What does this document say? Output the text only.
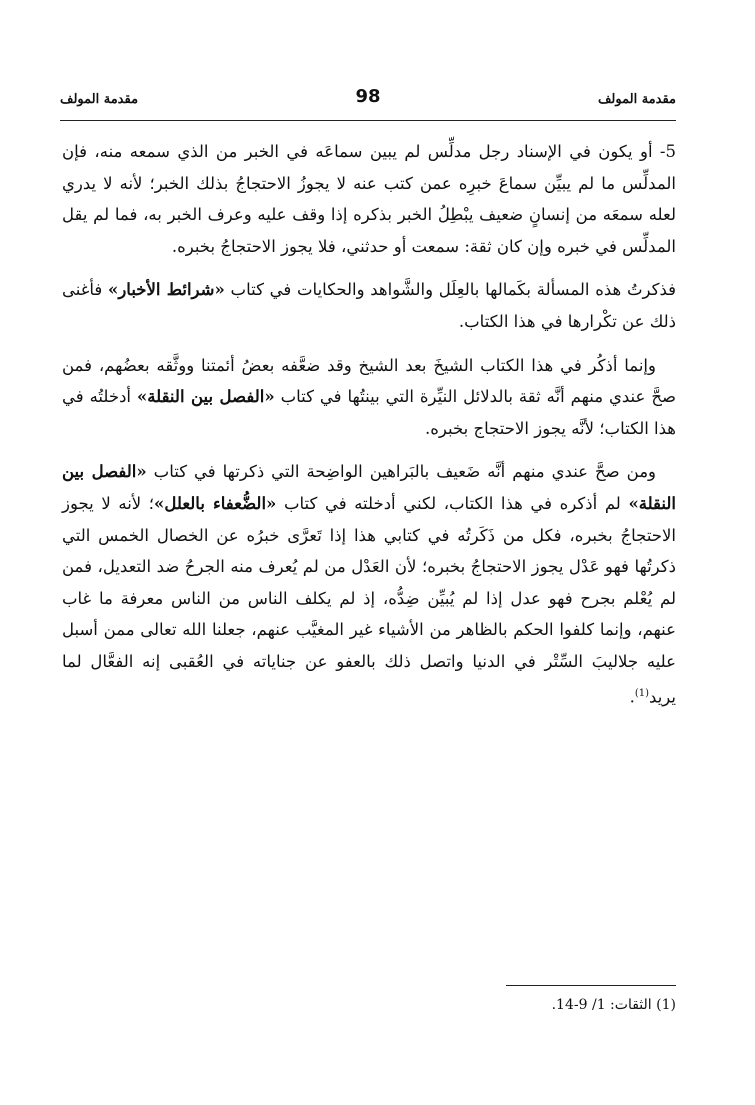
مقدمة المولف	98	مقدمة المولف

5- أو يكون في الإسناد رجل مدلِّس لم يبين سماعَه في الخبر من الذي سمعه منه، فإن المدلِّس ما لم يبيِّن سماعَ خبرِه عمن كتب عنه لا يجوزُ الاحتجاجُ بذلك الخبر؛ لأنه لا يدري لعله سمعَه من إنسانٍ ضعيف يبْطِلُ الخبر بذكره إذا وقف عليه وعرف الخبر به، فما لم يقل المدلِّس في خبره وإن كان ثقة: سمعت أو حدثني، فلا يجوز الاحتجاجُ بخبره.

فذكرتُ هذه المسألة بكَمالها بالعِلَل والشَّواهد والحكايات في كتاب «شرائط الأخبار» فأغنى ذلك عن تكْرارها في هذا الكتاب.

وإنما أذكُر في هذا الكتاب الشيخَ بعد الشيخ وقد ضعَّفه بعضُ أئمتنا ووثَّقه بعضُهم، فمن صحَّ عندي منهم أنَّه ثقة بالدلائل النيِّرة التي بينتُها في كتاب «الفصل بين النقلة» أدخلتُه في هذا الكتاب؛ لأنَّه يجوز الاحتجاج بخبره.

ومن صحَّ عندي منهم أنَّه ضَعيف بالبَراهين الواضِحة التي ذكرتها في كتاب «الفصل بين النقلة» لم أذكره في هذا الكتاب، لكني أدخلته في كتاب «الضُّعفاء بالعلل»؛ لأنه لا يجوز الاحتجاجُ بخبره، فكل من ذَكَرتُه في كتابي هذا إذا تَعرَّى خبرُه عن الخصال الخمس التي ذكرتُها فهو عَدْل يجوز الاحتجاجُ بخبره؛ لأن العَدْل من لم يُعرف منه الجرحُ ضد التعديل، فمن لم يُعْلم بجرح فهو عدل إذا لم يُبيِّن ضِدُّه، إذ لم يكلف الناس من الناس معرفة ما غاب عنهم، وإنما كلفوا الحكم بالظاهر من الأشياء غير المغيَّب عنهم، جعلنا الله تعالى ممن أسبل عليه جلاليبَ السِّتْر في الدنيا واتصل ذلك بالعفو عن جناياته في العُقبى إنه الفعَّال لما يريد$^{(1)}$.

(1) الثقات: 1/ 9-14.
